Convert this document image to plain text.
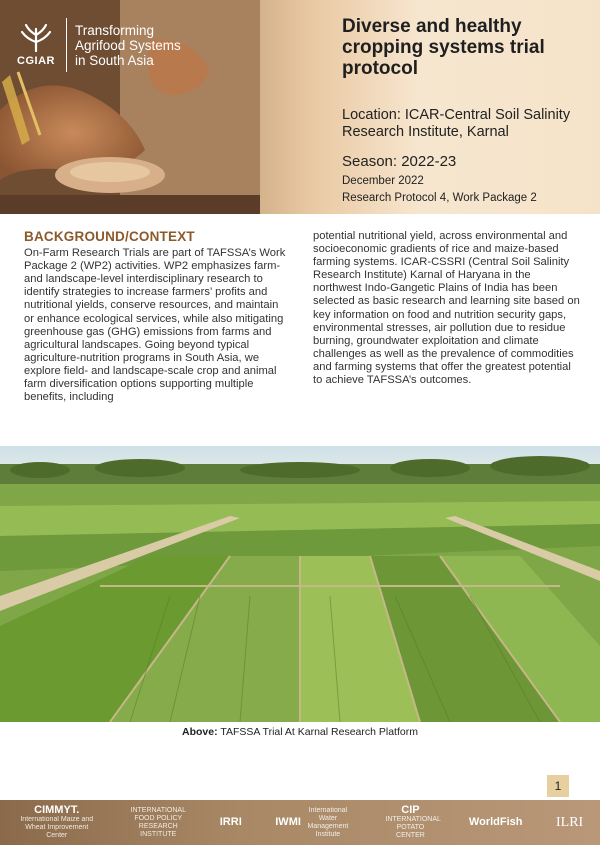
CGIAR
Transforming
Agrifood Systems
in South Asia
Diverse and healthy cropping systems trial protocol
Location: ICAR-Central Soil Salinity Research Institute, Karnal
Season: 2022-23
December 2022
Research Protocol 4, Work Package 2
BACKGROUND/CONTEXT
On-Farm Research Trials are part of TAFSSA’s Work Package 2 (WP2) activities. WP2 emphasizes farm- and landscape-level interdisciplinary research to identify strategies to increase farmers’ profits and nutritional yields, conserve resources, and maintain or enhance ecological services, while also mitigating greenhouse gas (GHG) emissions from farms and agricultural landscapes. Going beyond typical agriculture-nutrition programs in South Asia, we explore field- and landscape-scale crop and animal farm diversification options supporting multiple benefits, including
potential nutritional yield, across environmental and socioeconomic gradients of rice and maize-based farming systems. ICAR-CSSRI (Central Soil Salinity Research Institute) Karnal of Haryana in the northwest Indo-Gangetic Plains of India has been selected as basic research and learning site based on key information on food and nutrition security gaps, environmental stresses, air pollution due to residue burning, groundwater exploitation and climate challenges as well as the prevalence of commodities and farming systems that offer the greatest potential to achieve TAFSSA’s outcomes.
Above: TAFSSA Trial At Karnal Research Platform
1
CIMMYT.
International Maize and Wheat Improvement Center
INTERNATIONAL FOOD POLICY RESEARCH INSTITUTE
IRRI	IWMI
International Water Management Institute
CIP
INTERNATIONAL POTATO CENTER
WorldFish ILRI
